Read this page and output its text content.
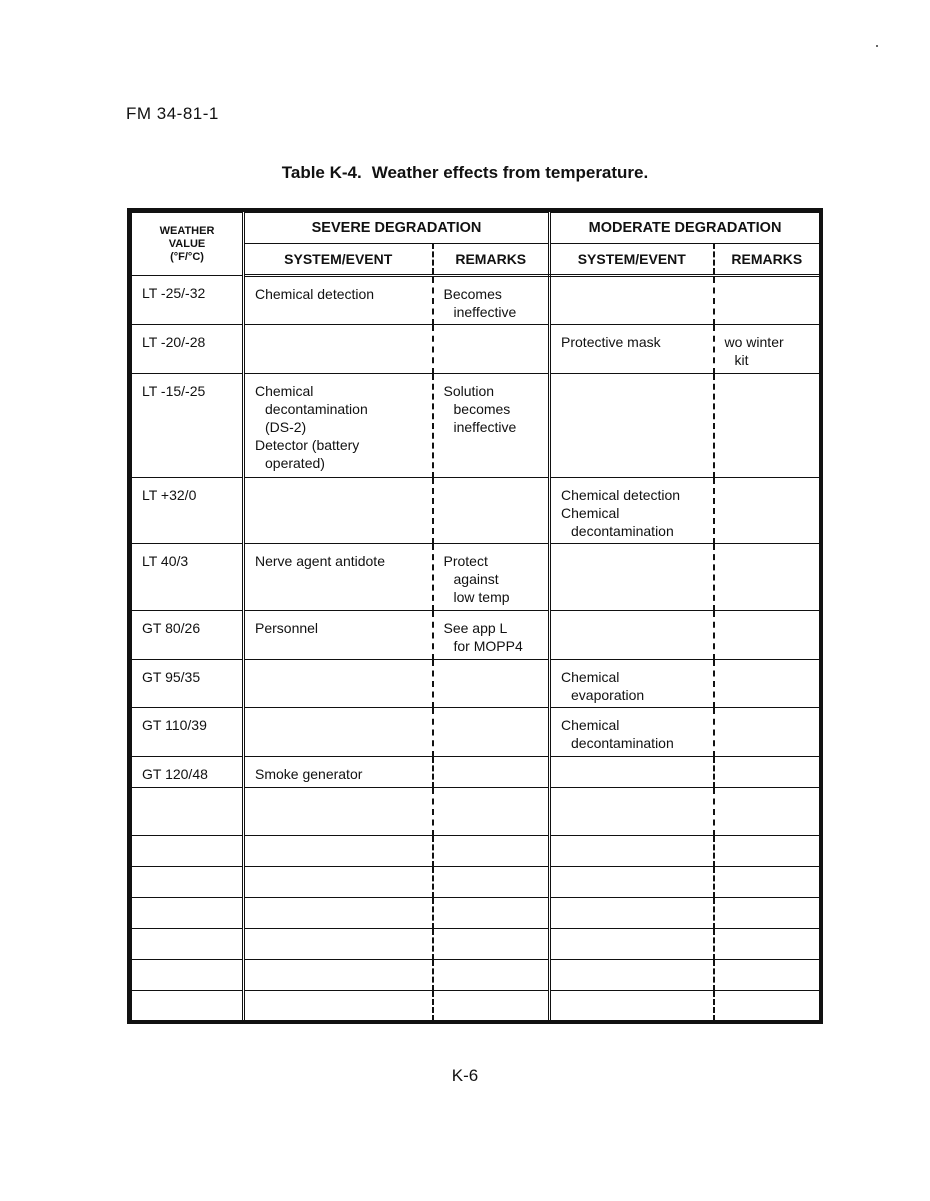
FM 34-81-1
Table K-4. Weather effects from temperature.
WEATHER
VALUE
(°F/°C)	SEVERE DEGRADATION		MODERATE DEGRADATION	
	SYSTEM/EVENT	REMARKS	SYSTEM/EVENT	REMARKS

LT -25/-32	Chemical detection	Becomes
ineffective		

LT -20/-28			Protective mask	wo winter
kit

LT -15/-25	Chemical
decontamination
(DS-2)
Detector (battery
operated)	Solution
becomes
ineffective		

LT +32/0			Chemical detection
Chemical
decontamination	

LT 40/3	Nerve agent antidote	Protect
against
low temp		

GT 80/26	Personnel	See app L
for MOPP4		

GT 95/35			Chemical
evaporation	

GT 110/39			Chemical
decontamination	

GT 120/48	Smoke generator			

K-6
